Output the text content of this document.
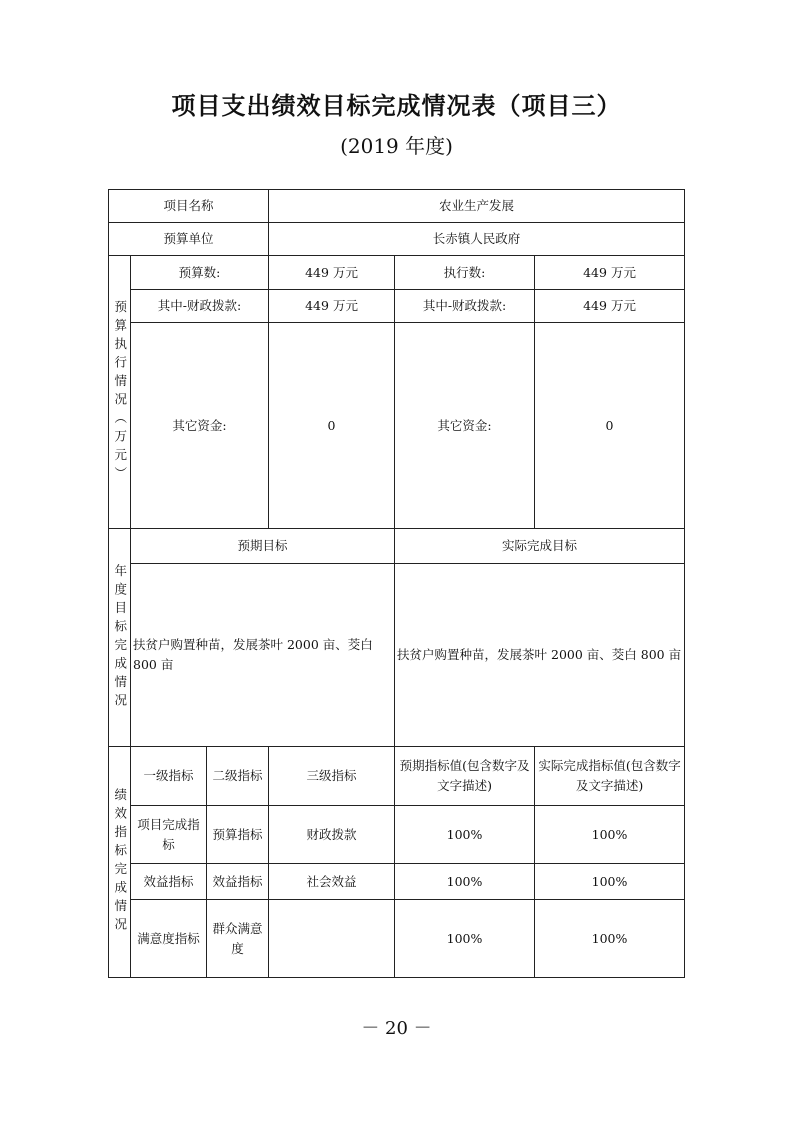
项目支出绩效目标完成情况表（项目三）
(2019 年度)
项目名称			农业生产发展		
预算单位			长赤镇人民政府		

预算执行情况（万元）	预算数:		449 万元	执行数:	449 万元
	其中-财政拨款:		449 万元	其中-财政拨款:	449 万元
	其它资金:		0	其它资金:	0

年度目标完成情况	预期目标			实际完成目标	
	扶贫户购置种苗，发展茶叶 2000 亩、茭白 800 亩			扶贫户购置种苗，发展茶叶 2000 亩、茭白 800 亩	

绩效指标完成情况	一级指标	二级指标	三级指标	预期指标值(包含数字及文字描述)	实际完成指标值(包含数字及文字描述)
	项目完成指标	预算指标	财政拨款	100%	100%
	效益指标	效益指标	社会效益	100%	100%
	满意度指标	群众满意度		100%	100%
－ 20 －
